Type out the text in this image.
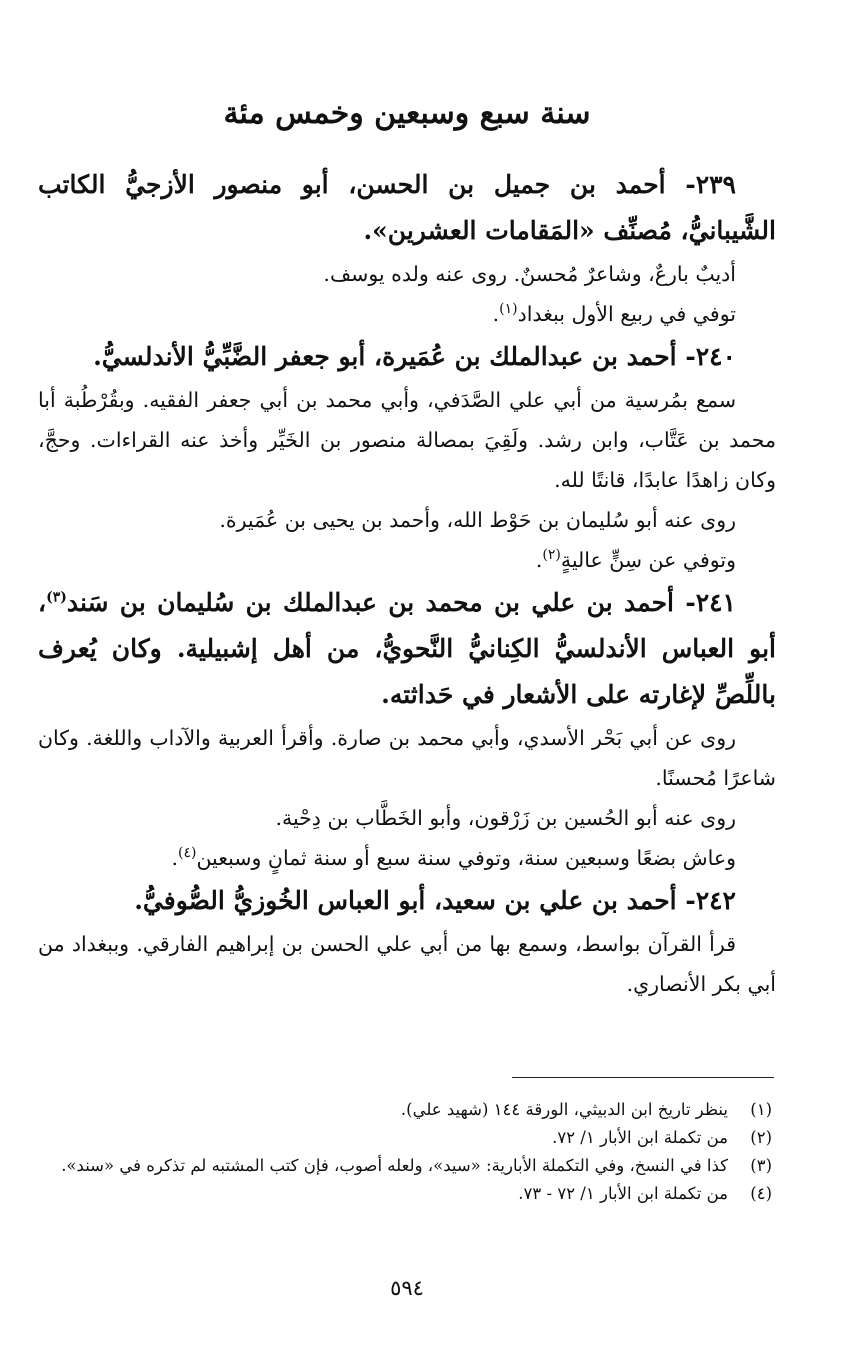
سنة سبع وسبعين وخمس مئة
٢٣٩- أحمد بن جميل بن الحسن، أبو منصور الأزجيُّ الكاتب الشَّيبانيُّ، مُصنِّف «المَقامات العشرين».

أديبٌ بارعٌ، وشاعرٌ مُحسنٌ. روى عنه ولده يوسف.

توفي في ربيع الأول ببغداد$^{(١)}$.

٢٤٠- أحمد بن عبدالملك بن عُمَيرة، أبو جعفر الضَّبِّيُّ الأندلسيُّ.

سمع بمُرسية من أبي علي الصَّدَفي، وأبي محمد بن أبي جعفر الفقيه. وبقُرْطُبة أبا محمد بن عَتَّاب، وابن رشد. ولَقِيَ بمصالة منصور بن الخَيِّر وأخذ عنه القراءات. وحجَّ، وكان زاهدًا عابدًا، قانتًا لله.

روى عنه أبو سُليمان بن حَوْط الله، وأحمد بن يحيى بن عُمَيرة.

وتوفي عن سِنٍّ عاليةٍ$^{(٢)}$.

٢٤١- أحمد بن علي بن محمد بن عبدالملك بن سُليمان بن سَند$^{(٣)}$، أبو العباس الأندلسيُّ الكِنانيُّ النَّحويُّ، من أهل إشبيلية. وكان يُعرف باللِّصِّ لإغارته على الأشعار في حَداثته.

روى عن أبي بَحْر الأسدي، وأبي محمد بن صارة. وأقرأ العربية والآداب واللغة. وكان شاعرًا مُحسنًا.

روى عنه أبو الحُسين بن زَرْقون، وأبو الخَطَّاب بن دِحْية.

وعاش بضعًا وسبعين سنة، وتوفي سنة سبع أو سنة ثمانٍ وسبعين$^{(٤)}$.

٢٤٢- أحمد بن علي بن سعيد، أبو العباس الخُوزيُّ الصُّوفيُّ.

قرأ القرآن بواسط، وسمع بها من أبي علي الحسن بن إبراهيم الفارقي. وببغداد من أبي بكر الأنصاري.

(١)
ينظر تاريخ ابن الدبيثي، الورقة ١٤٤ (شهيد علي).
(٢)
من تكملة ابن الأبار ١/ ٧٢.
(٣)
كذا في النسخ، وفي التكملة الأبارية: «سيد»، ولعله أصوب، فإن كتب المشتبه لم تذكره في «سند».
(٤)
من تكملة ابن الأبار ١/ ٧٢ - ٧٣.
٥٩٤
